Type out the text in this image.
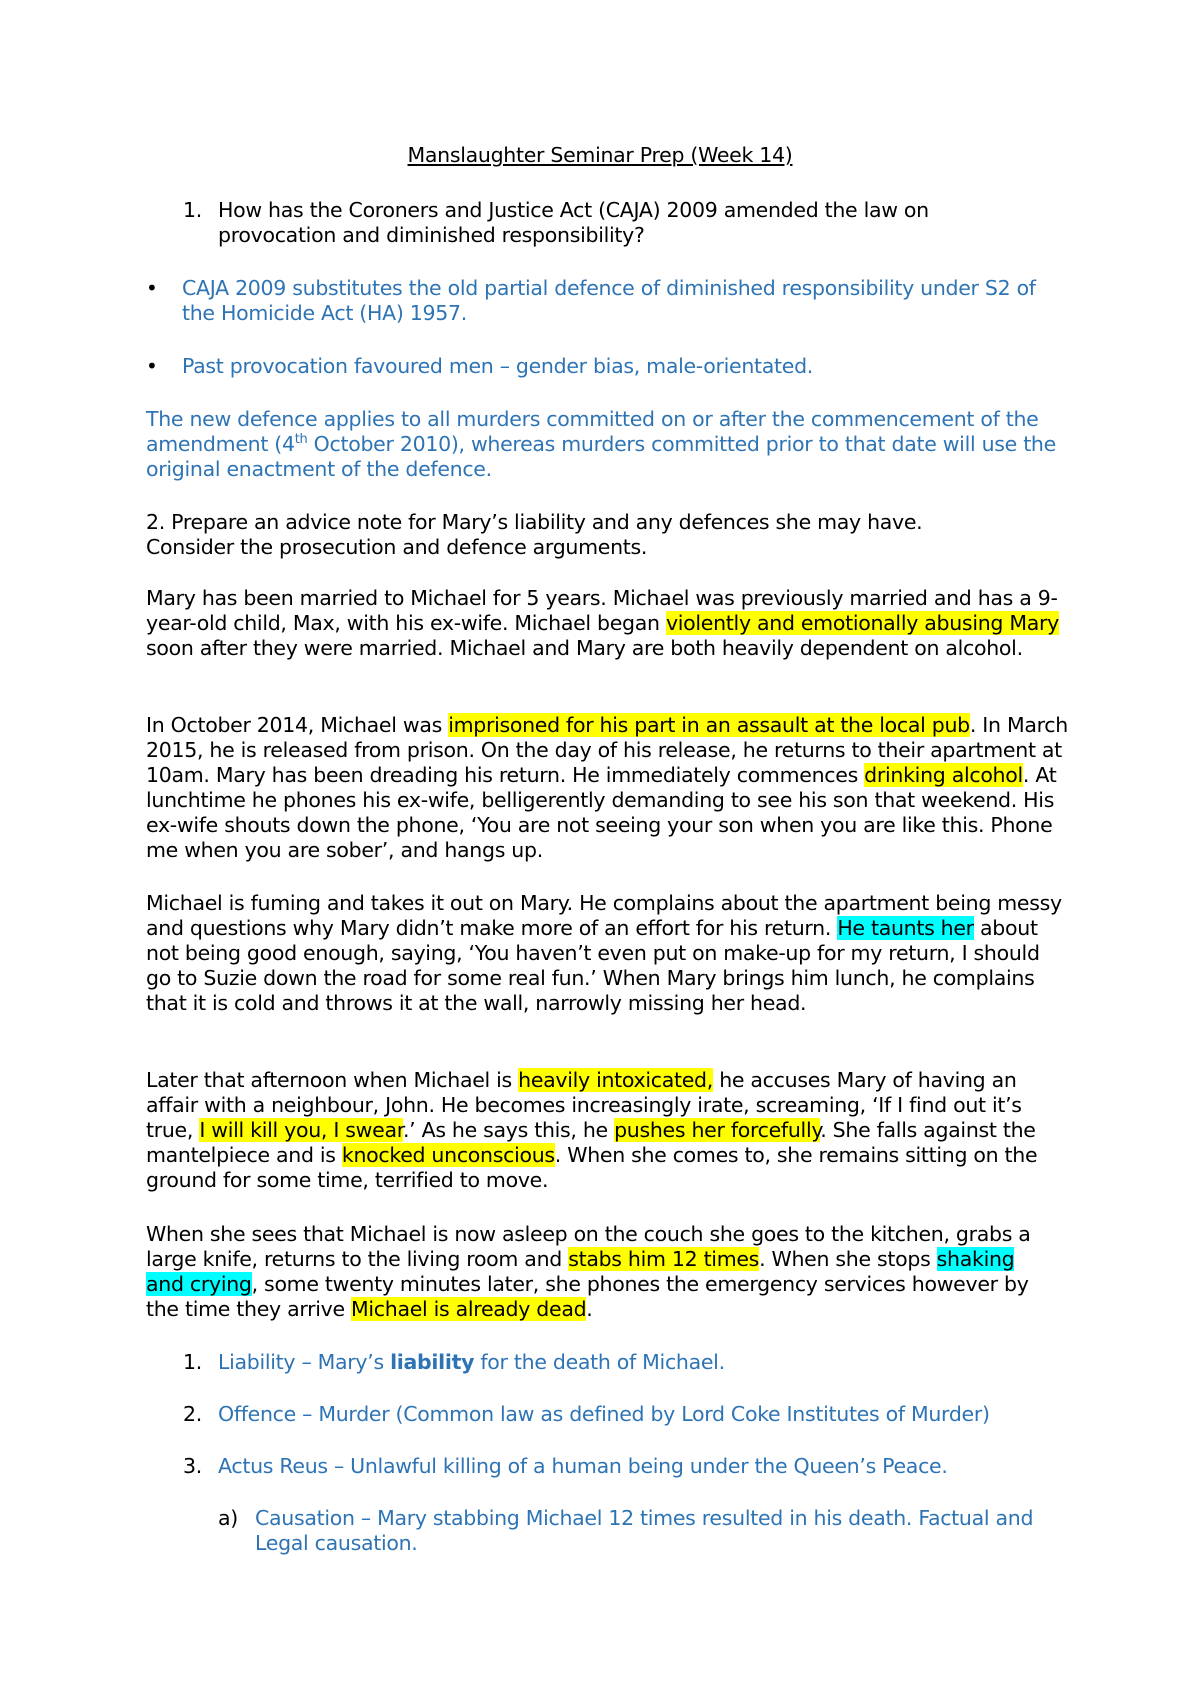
Manslaughter Seminar Prep (Week 14)
1. How has the Coroners and Justice Act (CAJA) 2009 amended the law on provocation and diminished responsibility?
• CAJA 2009 substitutes the old partial defence of diminished responsibility under S2 of the Homicide Act (HA) 1957.
• Past provocation favoured men – gender bias, male-orientated.
The new defence applies to all murders committed on or after the commencement of the amendment (4th October 2010), whereas murders committed prior to that date will use the original enactment of the defence.
2. Prepare an advice note for Mary’s liability and any defences she may have. Consider the prosecution and defence arguments.
Mary has been married to Michael for 5 years. Michael was previously married and has a 9-year-old child, Max, with his ex-wife. Michael began violently and emotionally abusing Mary soon after they were married. Michael and Mary are both heavily dependent on alcohol.
In October 2014, Michael was imprisoned for his part in an assault at the local pub. In March 2015, he is released from prison. On the day of his release, he returns to their apartment at 10am. Mary has been dreading his return. He immediately commences drinking alcohol. At lunchtime he phones his ex-wife, belligerently demanding to see his son that weekend. His ex-wife shouts down the phone, ‘You are not seeing your son when you are like this. Phone me when you are sober’, and hangs up.
Michael is fuming and takes it out on Mary. He complains about the apartment being messy and questions why Mary didn’t make more of an effort for his return. He taunts her about not being good enough, saying, ‘You haven’t even put on make-up for my return, I should go to Suzie down the road for some real fun.’ When Mary brings him lunch, he complains that it is cold and throws it at the wall, narrowly missing her head.
Later that afternoon when Michael is heavily intoxicated, he accuses Mary of having an affair with a neighbour, John. He becomes increasingly irate, screaming, ‘If I find out it’s true, I will kill you, I swear.’ As he says this, he pushes her forcefully. She falls against the mantelpiece and is knocked unconscious. When she comes to, she remains sitting on the ground for some time, terrified to move.
When she sees that Michael is now asleep on the couch she goes to the kitchen, grabs a large knife, returns to the living room and stabs him 12 times. When she stops shaking and crying, some twenty minutes later, she phones the emergency services however by the time they arrive Michael is already dead.
1. Liability – Mary’s liability for the death of Michael.
2. Offence – Murder (Common law as defined by Lord Coke Institutes of Murder)
3. Actus Reus – Unlawful killing of a human being under the Queen’s Peace.
a) Causation – Mary stabbing Michael 12 times resulted in his death. Factual and Legal causation.
